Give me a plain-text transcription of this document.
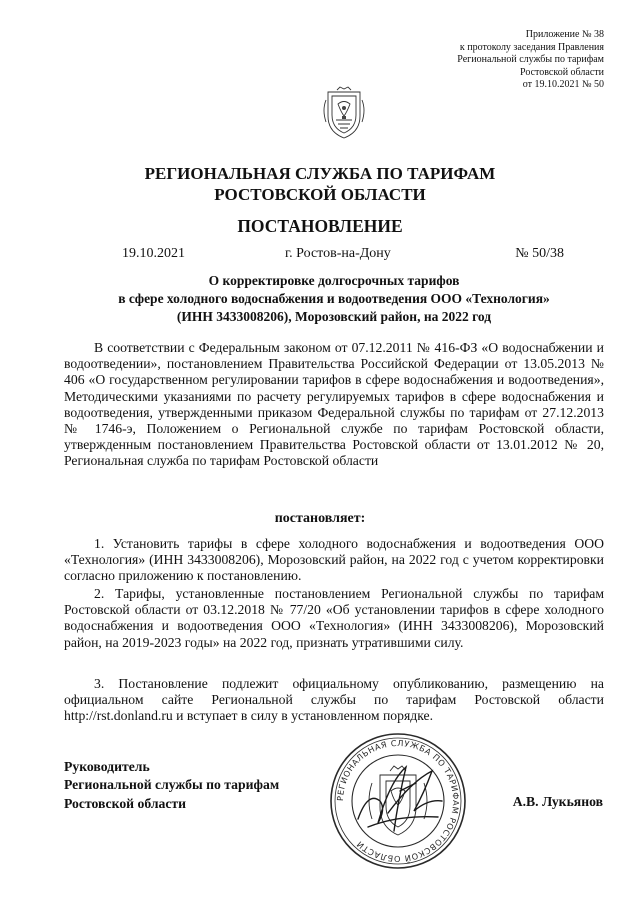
Приложение № 38
к протоколу заседания Правления
Региональной службы по тарифам
Ростовской области
от 19.10.2021 № 50
РЕГИОНАЛЬНАЯ СЛУЖБА ПО ТАРИФАМ
РОСТОВСКОЙ ОБЛАСТИ
ПОСТАНОВЛЕНИЕ
19.10.2021	г. Ростов-на-Дону	№ 50/38
О корректировке долгосрочных тарифов
в сфере холодного водоснабжения и водоотведения ООО «Технология»
(ИНН 3433008206), Морозовский район, на 2022 год

В соответствии с Федеральным законом от 07.12.2011 № 416-ФЗ «О водоснабжении и водоотведении», постановлением Правительства Российской Федерации от 13.05.2013 № 406 «О государственном регулировании тарифов в сфере водоснабжения и водоотведения», Методическими указаниями по расчету регулируемых тарифов в сфере водоснабжения и водоотведения, утвержденными приказом Федеральной службы по тарифам от 27.12.2013 № 1746-э, Положением о Региональной службе по тарифам Ростовской области, утвержденным постановлением Правительства Ростовской области от 13.01.2012 № 20, Региональная служба по тарифам Ростовской области

постановляет:

1. Установить тарифы в сфере холодного водоснабжения и водоотведения ООО «Технология» (ИНН 3433008206), Морозовский район, на 2022 год с учетом корректировки согласно приложению к постановлению.

2. Тарифы, установленные постановлением Региональной службы по тарифам Ростовской области от 03.12.2018 № 77/20 «Об установлении тарифов в сфере холодного водоснабжения и водоотведения ООО «Технология» (ИНН 3433008206), Морозовский район, на 2019-2023 годы» на 2022 год, признать утратившими силу.

3. Постановление подлежит официальному опубликованию, размещению на официальном сайте Региональной службы по тарифам Ростовской области http://rst.donland.ru и вступает в силу в установленном порядке.

Руководитель
Региональной службы по тарифам
Ростовской области	РЕГИОНАЛЬНАЯ СЛУЖБА ПО ТАРИФАМ РОСТОВСКОЙ ОБЛАСТИ
А.В. Лукьянов
